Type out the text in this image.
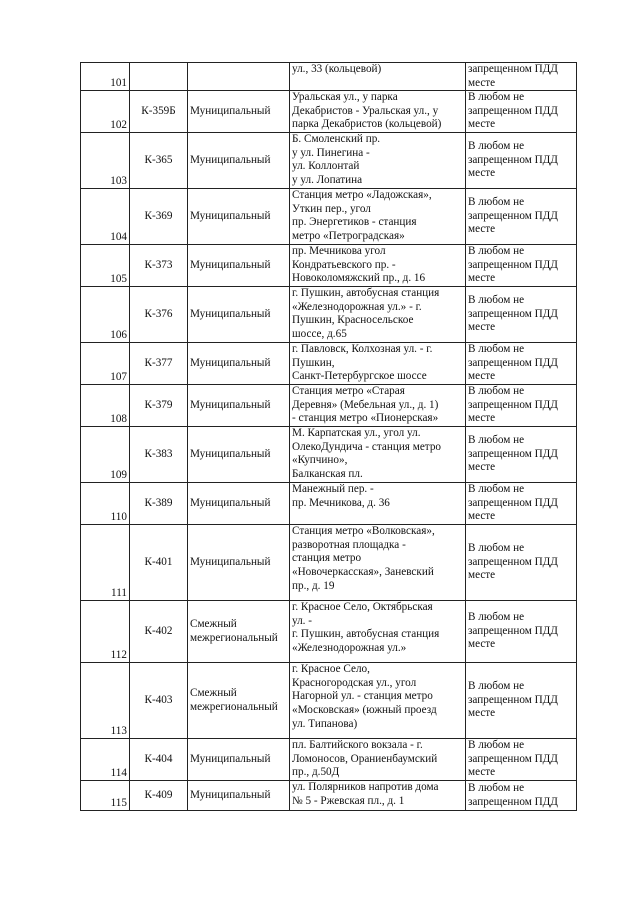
101			ул., 33 (кольцевой)	запрещенном ПДД
месте
102	К-359Б	Муниципальный	Уральская ул., у парка
Декабристов - Уральская ул., у
парка Декабристов (кольцевой)	В любом не
запрещенном ПДД
месте
103	К-365	Муниципальный	Б. Смоленский пр.
у ул. Пинегина -
ул. Коллонтай
у ул. Лопатина	В любом не
запрещенном ПДД
месте
104	К-369	Муниципальный	Станция метро «Ладожская»,
Уткин пер., угол
пр. Энергетиков - станция
метро «Петроградская»	В любом не
запрещенном ПДД
месте
105	К-373	Муниципальный	пр. Мечникова угол
Кондратьевского пр. -
Новоколомяжский пр., д. 16	В любом не
запрещенном ПДД
месте
106	К-376	Муниципальный	г. Пушкин, автобусная станция
«Железнодорожная ул.» - г.
Пушкин, Красносельское
шоссе, д.65	В любом не
запрещенном ПДД
месте
107	К-377	Муниципальный	г. Павловск, Колхозная ул. - г.
Пушкин,
Санкт-Петербургское шоссе	В любом не
запрещенном ПДД
месте
108	К-379	Муниципальный	Станция метро «Старая
Деревня» (Мебельная ул., д. 1)
- станция метро «Пионерская»	В любом не
запрещенном ПДД
месте
109	К-383	Муниципальный	М. Карпатская ул., угол ул.
ОлекоДундича - станция метро
«Купчино»,
Балканская пл.	В любом не
запрещенном ПДД
месте
110	К-389	Муниципальный	Манежный пер. -
пр. Мечникова, д. 36	В любом не
запрещенном ПДД
месте
111	К-401	Муниципальный	Станция метро «Волковская»,
разворотная площадка -
станция метро
«Новочеркасская», Заневский
пр., д. 19	В любом не
запрещенном ПДД
месте
112	К-402	Смежный
межрегиональный	г. Красное Село, Октябрьская
ул. -
г. Пушкин, автобусная станция
«Железнодорожная ул.»	В любом не
запрещенном ПДД
месте
113	К-403	Смежный
межрегиональный	г. Красное Село,
Красногородская ул., угол
Нагорной ул. - станция метро
«Московская» (южный проезд
ул. Типанова)	В любом не
запрещенном ПДД
месте
114	К-404	Муниципальный	пл. Балтийского вокзала - г.
Ломоносов, Ораниенбаумский
пр., д.50Д	В любом не
запрещенном ПДД
месте
115	К-409	Муниципальный	ул. Полярников напротив дома
№ 5 - Ржевская пл., д. 1	В любом не
запрещенном ПДД
